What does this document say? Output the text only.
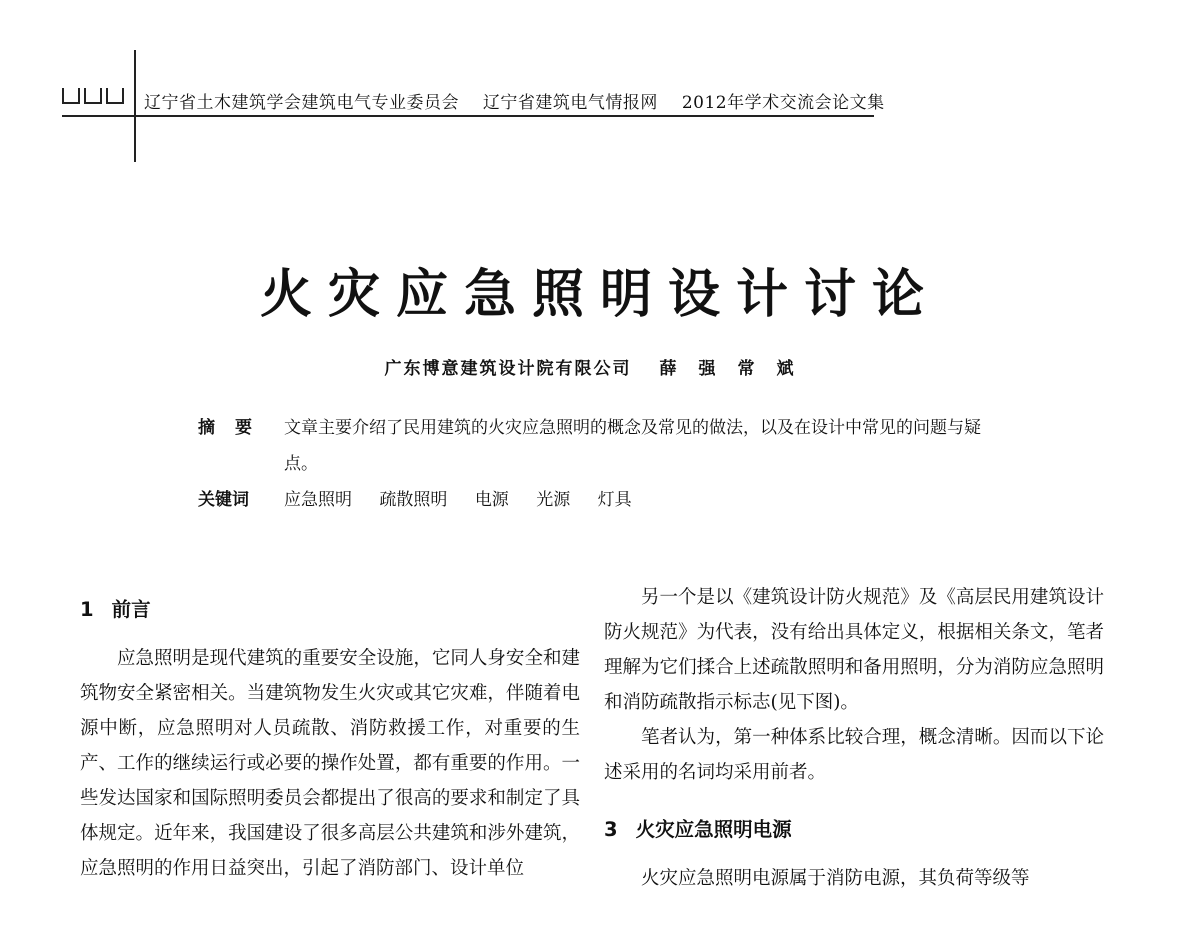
辽宁省土木建筑学会建筑电气专业委员会 辽宁省建筑电气情报网 2012年学术交流会论文集
火灾应急照明设计讨论
广东博意建筑设计院有限公司 薛强常斌
摘要 文章主要介绍了民用建筑的火灾应急照明的概念及常见的做法，以及在设计中常见的问题与疑点。
关键词	应急照明 疏散照明 电源 光源 灯具

1 前言

应急照明是现代建筑的重要安全设施，它同人身安全和建筑物安全紧密相关。当建筑物发生火灾或其它灾难，伴随着电源中断，应急照明对人员疏散、消防救援工作，对重要的生产、工作的继续运行或必要的操作处置，都有重要的作用。一些发达国家和国际照明委员会都提出了很高的要求和制定了具体规定。近年来，我国建设了很多高层公共建筑和涉外建筑，应急照明的作用日益突出，引起了消防部门、设计单位

另一个是以《建筑设计防火规范》及《高层民用建筑设计防火规范》为代表，没有给出具体定义，根据相关条文，笔者理解为它们揉合上述疏散照明和备用照明，分为消防应急照明和消防疏散指示标志(见下图)。

笔者认为，第一种体系比较合理，概念清晰。因而以下论述采用的名词均采用前者。

3 火灾应急照明电源

火灾应急照明电源属于消防电源，其负荷等级等
